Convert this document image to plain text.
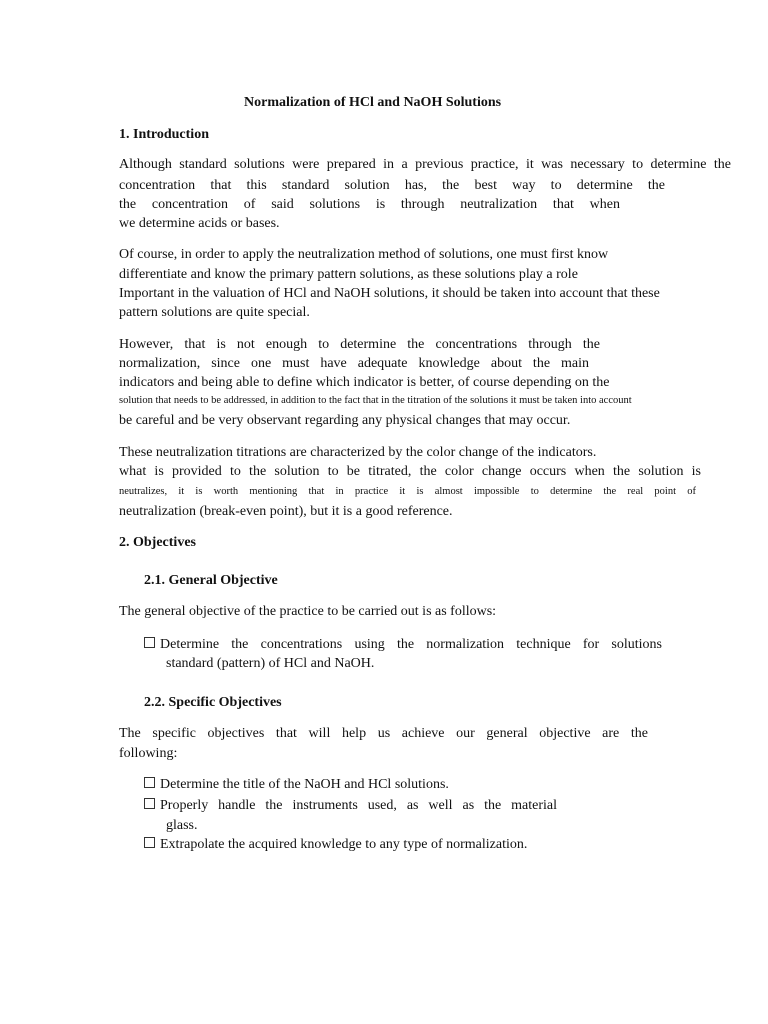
Normalization of HCl and NaOH Solutions
1. Introduction
Although standard solutions were prepared in a previous practice, it was necessary to determine the
concentration that this standard solution has, the best way to determine the
the concentration of said solutions is through neutralization that when
we determine acids or bases.
Of course, in order to apply the neutralization method of solutions, one must first know
differentiate and know the primary pattern solutions, as these solutions play a role
Important in the valuation of HCl and NaOH solutions, it should be taken into account that these
pattern solutions are quite special.
However, that is not enough to determine the concentrations through the
normalization, since one must have adequate knowledge about the main
indicators and being able to define which indicator is better, of course depending on the
solution that needs to be addressed, in addition to the fact that in the titration of the solutions it must be taken into account
be careful and be very observant regarding any physical changes that may occur.
These neutralization titrations are characterized by the color change of the indicators.
what is provided to the solution to be titrated, the color change occurs when the solution is
neutralizes, it is worth mentioning that in practice it is almost impossible to determine the real point of
neutralization (break-even point), but it is a good reference.
2. Objectives
2.1. General Objective
The general objective of the practice to be carried out is as follows:
Determine the concentrations using the normalization technique for solutions
standard (pattern) of HCl and NaOH.
2.2. Specific Objectives
The specific objectives that will help us achieve our general objective are the
following:
Determine the title of the NaOH and HCl solutions.
Properly handle the instruments used, as well as the material
glass.
Extrapolate the acquired knowledge to any type of normalization.
